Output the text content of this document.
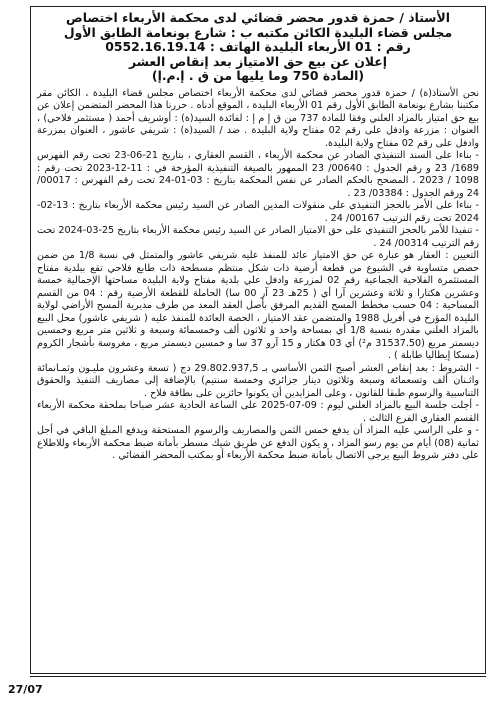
الأستاذ / حمزة قدور محضر قضائي لدى محكمة الأربعاء اختصاص
مجلس قضاء البليدة الكائن مكتبه ب : شارع بونعامة الطابق الأول
رقم : 01 الأربعاء البليدة الهاتف : 0552.16.19.14
إعلان عن بيع حق الامتياز بعد إنقاص العشر
(المادة 750 وما يليها من ق . إ.م.إ)

نحن الأستاذ(ة) / حمزة قدور محضر قضائي لدى محكمة الأربعاء اختصاص مجلس قضاء البليدة ، الكائن مقر مكتبنا بشارع بونعامة الطابق الأول رقم 01 الأربعاء البليدة ، الموقع أدناه . حررنا هذا المحضر المتضمن إعلان عن بيع حق امتياز بالمزاد العلني وفقا للمادة 737 من ق إ م إ : لفائدة السيد(ة) : أوشريف أحمد ( مستثمر فلاحي) ، العنوان : مزرعة وادفل على رقم 02 مفتاح ولاية البليدة . ضد / السيد(ة) : شريفي عاشور ، العنوان بمزرعة وادفل على رقم 02 مفتاح ولاية البليدة.

- بناءا على السند التنفيذي الصادر عن محكمة الأربعاء ، القسم العقاري ، بتاريخ 21-06-23 تحت رقم الفهرس 1689/ 23 و رقم الجدول : 00640/ 23 الممهور بالصيغة التنفيذية المؤرخة في : 11-12-2023 تحت رقم : 1098 / 2023 ، المصحح بالحكم الصادر عن نفس المحكمة بتاريخ : 03-01-24 تحت رقم الفهرس : 00017/ 24 ورقم الجدول : 03384/ 23 .

- بناءا على الأمر بالحجز التنفيذي على منقولات المدين الصادر عن السيد رئيس محكمة الأربعاء بتاريخ : 13-02-2024 تحت رقم الترتيب 00167/ 24 .

- تنفيذا للأمر بالحجز التنفيذي على حق الامتياز الصادر عن السيد رئيس محكمة الأربعاء بتاريخ 25-03-2024 تحت رقم الترتيب 00314/ 24 .

التعيين : العقار هو عبارة عن حق الامتياز عائد للمنفذ عليه شريفي عاشور والمتمثل في نسبة 1/8 من ضمن حصص متساوية في الشيوع من قطعة أرضية ذات شكل منتظم مسطحة ذات طابع فلاحي تقع ببلدية مفتاح المستثمرة الفلاحية الجماعية رقم 02 لمزرعة وادفل علي بلدية مفتاح ولاية البليدة مساحتها الإجمالية خمسة وعشرين هكتارا و ثلاثة وعشرين آرا أي ( 25هـ 23 آر 00 سا) الحاملة للقطعة الأرضية رقم : 04 من القسم المساحية : 04 حسب مخطط المسح القديم المرفق بأصل العقد المعد من طرف مديرية المسح الأراضي لولاية البليدة المؤرخ في أفريل 1988 والمتضمن عقد الامتياز ، الحصة العائدة للمنفذ عليه ( شريفي عاشور) محل البيع بالمزاد العلني مقدرة بنسبة 1/8 أي بمساحة واحد و ثلاثون ألف وخمسمائة وسبعة و ثلاثين متر مربع وخمسين ديسمتر مربع (31537.50 م²) أي 03 هكتار و 15 آرو 37 سا و خمسين ديسمتر مربع ، مغروسة بأشجار الكروم (مسكا إيطاليا طابلة ) .

- الشروط : بعد إنقاص العشر أصبح الثمن الأساسي بـ 29.802.937,5 دج ( تسعة وعشرون مليـون وثمـانمائة واثـنان ألف وتسعمائة وسبعة وثلاثون دينار جزائري وخمسة سنتيم) بالإضافة إلى مصاريف التنفيذ والحقوق التناسبية والرسوم طبقا للقانون ، وعلى المزايدين أن يكونوا حائزين على بطاقة فلاح .

- أجلت جلسة البيع بالمزاد العلني ليوم : 09-07-2025 على الساعة الحادية عشر صباحا بملحقة محكمة الأربعاء القسم العقاري الفرع الثالث .

- و على الراسي عليه المزاد أن يدفع خمس الثمن والمصاريف والرسوم المستحقة ويدفع المبلغ الباقي في أجل ثمانية (08) أيام من يوم رسو المزاد ، و يكون الدفع عن طريق شيك مسطر بأمانة ضبط محكمة الأربعاء وللاطلاع على دفتر شروط البيع يرجى الاتصال بأمانة ضبط محكمة الأربعاء أو بمكتب المحضر القضائي .

27/07
